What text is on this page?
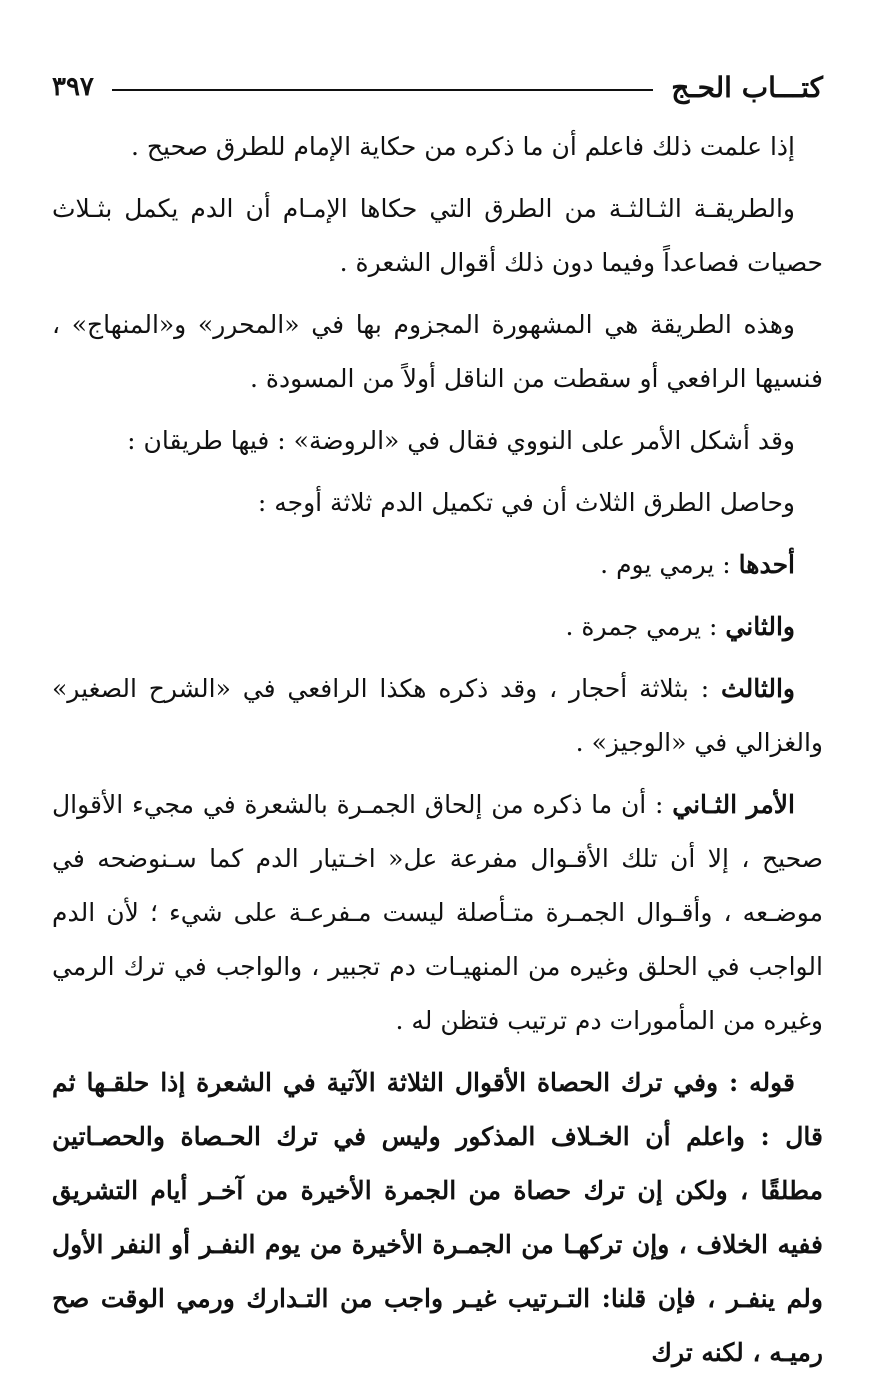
كتـــاب الحـج
٣٩٧

إذا علمت ذلك فاعلم أن ما ذكره من حكاية الإمام للطرق صحيح .

والطريقـة الثـالثـة من الطرق التي حكاها الإمـام أن الدم يكمل بثـلاث حصيات فصاعداً وفيما دون ذلك أقوال الشعرة .

وهذه الطريقة هي المشهورة المجزوم بها في «المحرر» و«المنهاج» ، فنسيها الرافعي أو سقطت من الناقل أولاً من المسودة .

وقد أشكل الأمر على النووي فقال في «الروضة» : فيها طريقان :

وحاصل الطرق الثلاث أن في تكميل الدم ثلاثة أوجه :

أحدها : يرمي يوم .

والثاني : يرمي جمرة .

والثالث : بثلاثة أحجار ، وقد ذكره هكذا الرافعي في «الشرح الصغير» والغزالي في «الوجيز» .

الأمر الثـاني : أن ما ذكره من إلحاق الجمـرة بالشعرة في مجيء الأقوال صحيح ، إلا أن تلك الأقـوال مفرعة عل« اخـتيار الدم كما سـنوضحه في موضـعه ، وأقـوال الجمـرة متـأصلة ليست مـفرعـة على شيء ؛ لأن الدم الواجب في الحلق وغيره من المنهيـات دم تجبير ، والواجب في ترك الرمي وغيره من المأمورات دم ترتيب فتظن له .

قوله : وفي ترك الحصاة الأقوال الثلاثة الآتية في الشعرة إذا حلقـها ثم قال : واعلم أن الخـلاف المذكور وليس في ترك الحـصاة والحصـاتين مطلقًا ، ولكن إن ترك حصاة من الجمرة الأخيرة من آخـر أيام التشريق ففيه الخلاف ، وإن تركهـا من الجمـرة الأخيرة من يوم النفـر أو النفر الأول ولم ينفـر ، فإن قلنا: التـرتيب غيـر واجب من التـدارك ورمي الوقت صح رميـه ، لكنه ترك
